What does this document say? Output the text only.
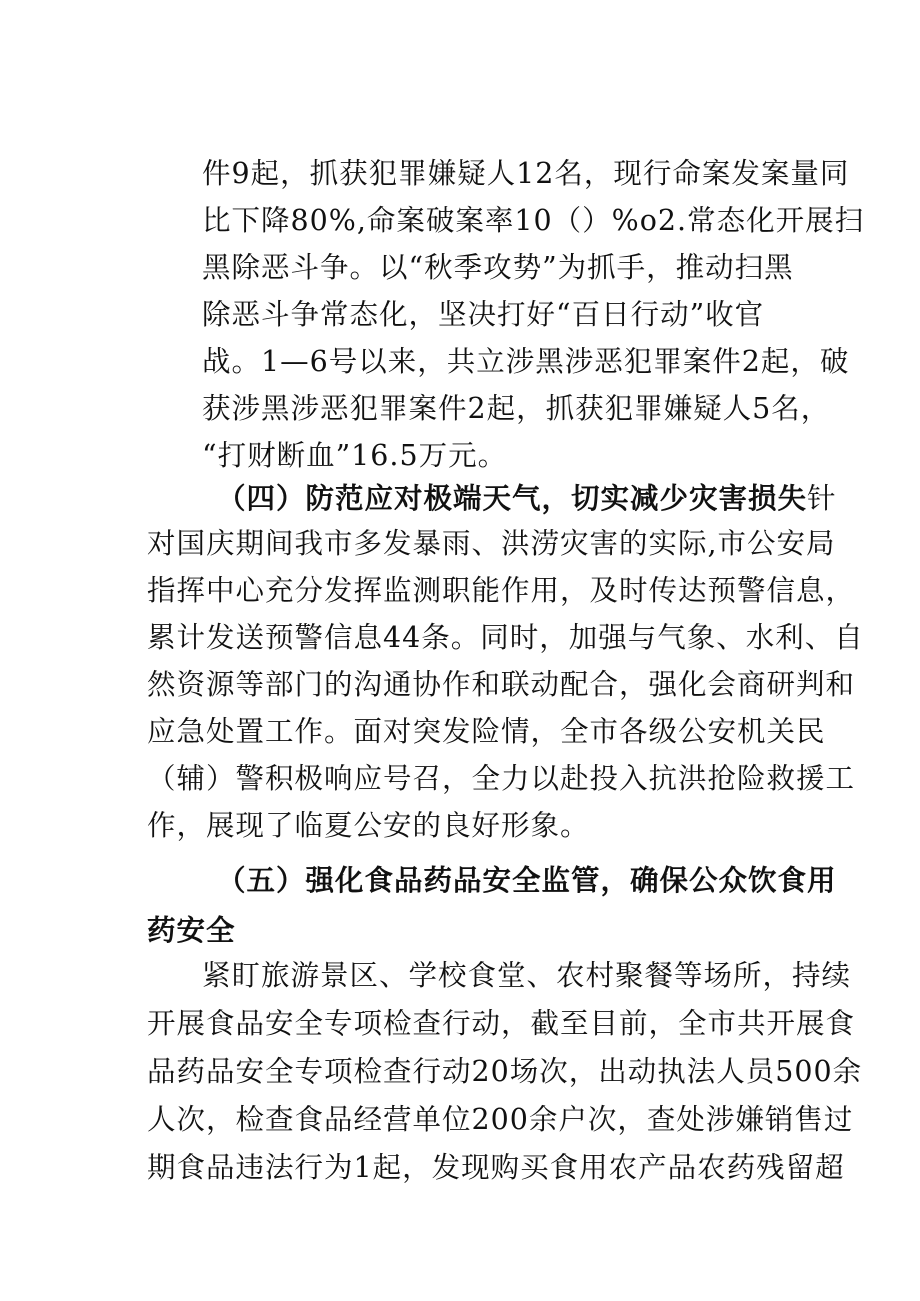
件9起，抓获犯罪嫌疑人12名，现行命案发案量同
比下降80%,命案破案率10（）%o2.常态化开展扫
黑除恶斗争。以“秋季攻势”为抓手，推动扫黑
除恶斗争常态化，坚决打好“百日行动”收官
战。1—6号以来，共立涉黑涉恶犯罪案件2起，破
获涉黑涉恶犯罪案件2起，抓获犯罪嫌疑人5名，
“打财断血”16.5万元。
（四）防范应对极端天气，切实减少灾害损失针
对国庆期间我市多发暴雨、洪涝灾害的实际,市公安局
指挥中心充分发挥监测职能作用，及时传达预警信息，
累计发送预警信息44条。同时，加强与气象、水利、自
然资源等部门的沟通协作和联动配合，强化会商研判和
应急处置工作。面对突发险情，全市各级公安机关民
（辅）警积极响应号召，全力以赴投入抗洪抢险救援工
作，展现了临夏公安的良好形象。
（五）强化食品药品安全监管，确保公众饮食用
药安全
紧盯旅游景区、学校食堂、农村聚餐等场所，持续
开展食品安全专项检查行动，截至目前，全市共开展食
品药品安全专项检查行动20场次，出动执法人员500余
人次，检查食品经营单位200余户次，查处涉嫌销售过
期食品违法行为1起，发现购买食用农产品农药残留超
